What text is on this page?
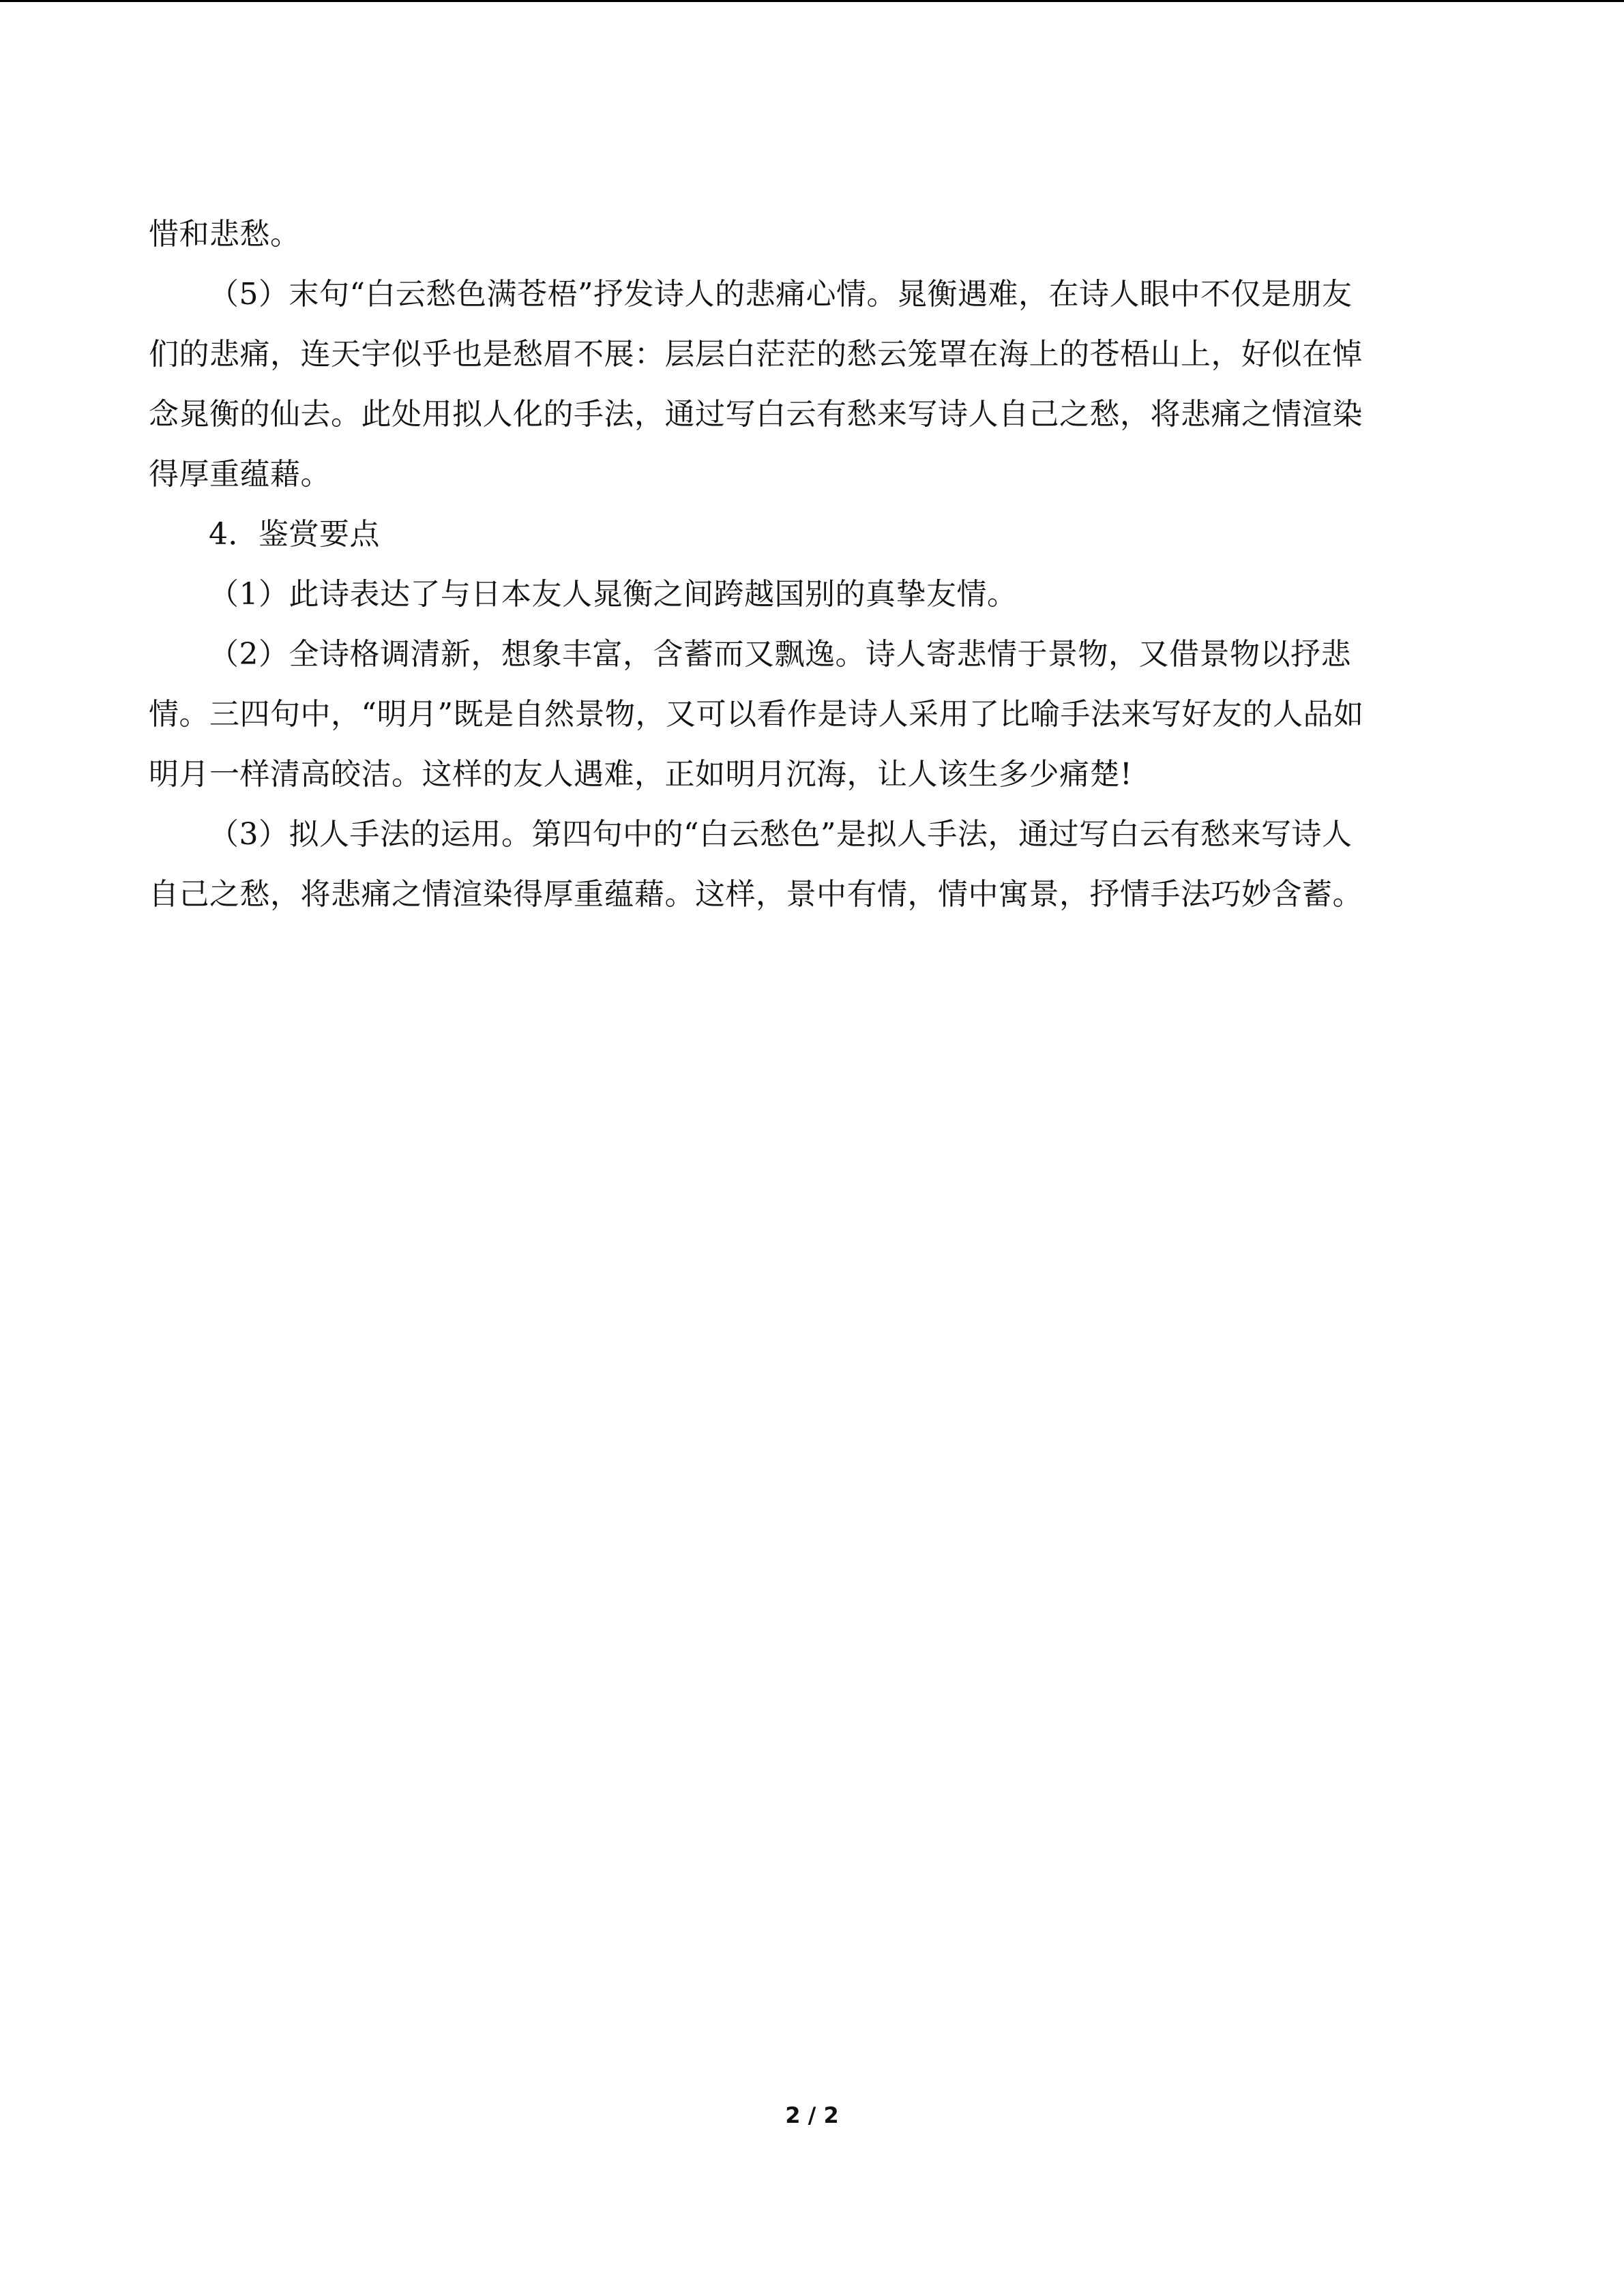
惜和悲愁。
（5）末句“白云愁色满苍梧”抒发诗人的悲痛心情。晁衡遇难，在诗人眼中不仅是朋友
们的悲痛，连天宇似乎也是愁眉不展：层层白茫茫的愁云笼罩在海上的苍梧山上，好似在悼
念晁衡的仙去。此处用拟人化的手法，通过写白云有愁来写诗人自己之愁，将悲痛之情渲染
得厚重蕴藉。
4．鉴赏要点
（1）此诗表达了与日本友人晁衡之间跨越国别的真挚友情。
（2）全诗格调清新，想象丰富，含蓄而又飘逸。诗人寄悲情于景物，又借景物以抒悲
情。三四句中，“明月”既是自然景物，又可以看作是诗人采用了比喻手法来写好友的人品如
明月一样清高皎洁。这样的友人遇难，正如明月沉海，让人该生多少痛楚!
（3）拟人手法的运用。第四句中的“白云愁色”是拟人手法，通过写白云有愁来写诗人
自己之愁，将悲痛之情渲染得厚重蕴藉。这样，景中有情，情中寓景，抒情手法巧妙含蓄。
2 / 2
